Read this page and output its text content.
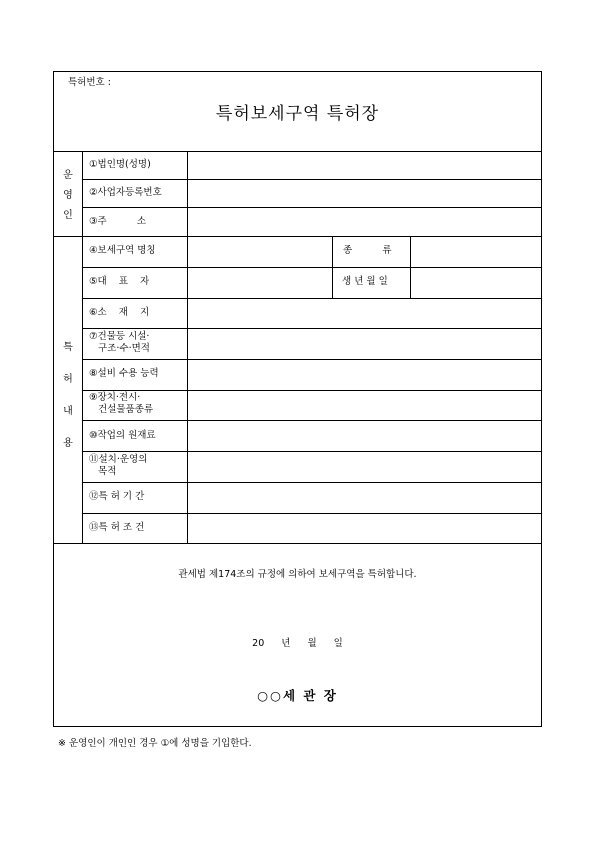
특허번호 :
특허보세구역 특허장
운
영
인
①법인명(성명)
②사업자등록번호
③주          소
특
허
내
용
④보세구역 명칭
⑤대    표    자
⑥소    재    지
⑦건물등 시설·
구조·수·면적
⑧설비 수용 능력
⑨장치·전시·
건설물품종류
⑩작업의 원재료
⑪설치·운영의
목적
⑫특 허 기 간
⑬특 허 조 건
종          류
생 년 월 일
관세법 제174조의 규정에 의하여 보세구역을 특허합니다.
20 년 월 일
○○세 관 장
※ 운영인이 개인인 경우 ①에 성명을 기입한다.
